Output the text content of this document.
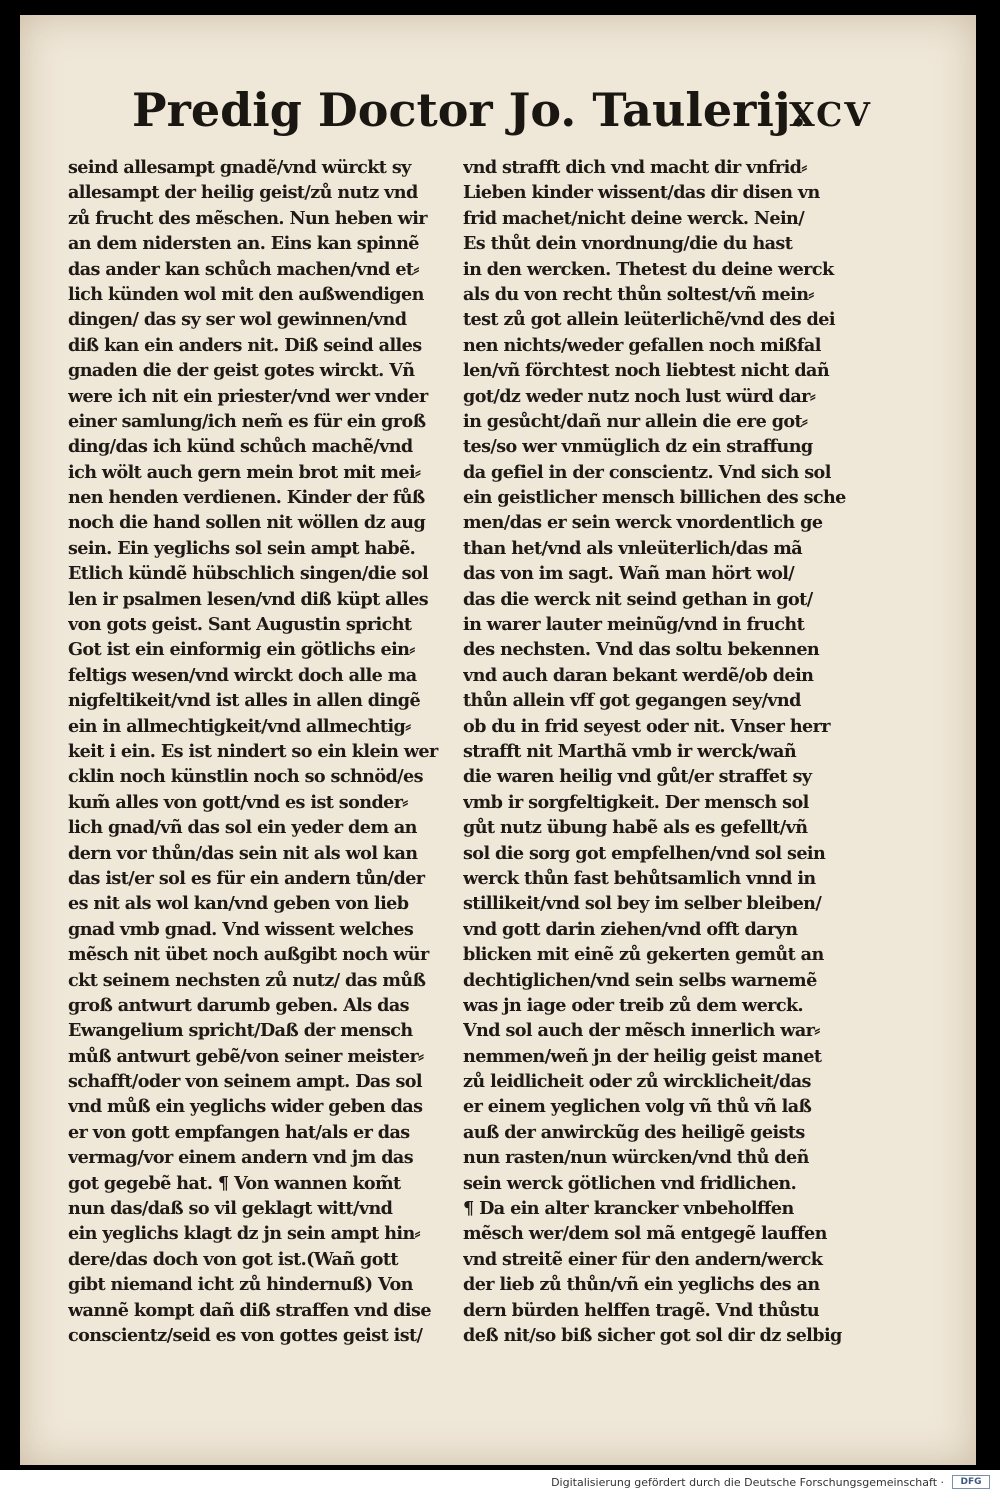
Predig Doctor Jo. Taulerij.
XCV
seind allesampt gnadẽ/vnd würckt sy
allesampt der heilig geist/zů nutz vnd
zů frucht des mẽschen. Nun heben wir
an dem nidersten an. Eins kan spinnẽ
das ander kan schůch machen/vnd et⸗
lich künden wol mit den außwendigen
dingen/ das sy ser wol gewinnen/vnd
diß kan ein anders nit. Diß seind alles
gnaden die der geist gotes wirckt. Vñ
were ich nit ein priester/vnd wer vnder
einer samlung/ich nem̃ es für ein groß
ding/das ich künd schůch machẽ/vnd
ich wölt auch gern mein brot mit mei⸗
nen henden verdienen. Kinder der fůß
noch die hand sollen nit wöllen dz aug
sein. Ein yeglichs sol sein ampt habẽ.
Etlich kündẽ hübschlich singen/die sol
len ir psalmen lesen/vnd diß küpt alles
von gots geist. Sant Augustin spricht
Got ist ein einformig ein götlichs ein⸗
feltigs wesen/vnd wirckt doch alle ma
nigfeltikeit/vnd ist alles in allen dingẽ
ein in allmechtigkeit/vnd allmechtig⸗
keit i ein. Es ist nindert so ein klein wer
cklin noch künstlin noch so schnöd/es
kum̃ alles von gott/vnd es ist sonder⸗
lich gnad/vñ das sol ein yeder dem an
dern vor thůn/das sein nit als wol kan
das ist/er sol es für ein andern tůn/der
es nit als wol kan/vnd geben von lieb
gnad vmb gnad. Vnd wissent welches
mẽsch nit übet noch außgibt noch wür
ckt seinem nechsten zů nutz/ das můß
groß antwurt darumb geben. Als das
Ewangelium spricht/Daß der mensch
můß antwurt gebẽ/von seiner meister⸗
schafft/oder von seinem ampt. Das sol
vnd můß ein yeglichs wider geben das
er von gott empfangen hat/als er das
vermag/vor einem andern vnd jm das
got gegebẽ hat. ¶ Von wannen kom̃t
nun das/daß so vil geklagt witt/vnd
ein yeglichs klagt dz jn sein ampt hin⸗
dere/das doch von got ist.(Wañ gott
gibt niemand icht zů hindernuß) Von
wannẽ kompt dañ diß straffen vnd dise
conscientz/seid es von gottes geist ist/
vnd strafft dich vnd macht dir vnfrid⸗
Lieben kinder wissent/das dir disen vn
frid machet/nicht deine werck. Nein/
Es thůt dein vnordnung/die du hast
in den wercken. Thetest du deine werck
als du von recht thůn soltest/vñ mein⸗
test zů got allein leüterlichẽ/vnd des dei
nen nichts/weder gefallen noch mißfal
len/vñ förchtest noch liebtest nicht dañ
got/dz weder nutz noch lust würd dar⸗
in gesůcht/dañ nur allein die ere got⸗
tes/so wer vnmüglich dz ein straffung
da gefiel in der conscientz. Vnd sich sol
ein geistlicher mensch billichen des sche
men/das er sein werck vnordentlich ge
than het/vnd als vnleüterlich/das mã
das von im sagt. Wañ man hört wol/
das die werck nit seind gethan in got/
in warer lauter meinũg/vnd in frucht
des nechsten. Vnd das soltu bekennen
vnd auch daran bekant werdẽ/ob dein
thůn allein vff got gegangen sey/vnd
ob du in frid seyest oder nit. Vnser herr
strafft nit Marthã vmb ir werck/wañ
die waren heilig vnd gůt/er straffet sy
vmb ir sorgfeltigkeit. Der mensch sol
gůt nutz übung habẽ als es gefellt/vñ
sol die sorg got empfelhen/vnd sol sein
werck thůn fast behůtsamlich vnnd in
stillikeit/vnd sol bey im selber bleiben/
vnd gott darin ziehen/vnd offt daryn
blicken mit einẽ zů gekerten gemůt an
dechtiglichen/vnd sein selbs warnemẽ
was jn iage oder treib zů dem werck.
Vnd sol auch der mẽsch innerlich war⸗
nemmen/weñ jn der heilig geist manet
zů leidlicheit oder zů wircklicheit/das
er einem yeglichen volg vñ thů vñ laß
auß der anwirckũg des heiligẽ geists
nun rasten/nun würcken/vnd thů deñ
sein werck götlichen vnd fridlichen.
¶ Da ein alter krancker vnbeholffen
mẽsch wer/dem sol mã entgegẽ lauffen
vnd streitẽ einer für den andern/werck
der lieb zů thůn/vñ ein yeglichs des an
dern bürden helffen tragẽ. Vnd thůstu
deß nit/so biß sicher got sol dir dz selbig
Digitalisierung gefördert durch die Deutsche Forschungsgemeinschaft ·	DFG
